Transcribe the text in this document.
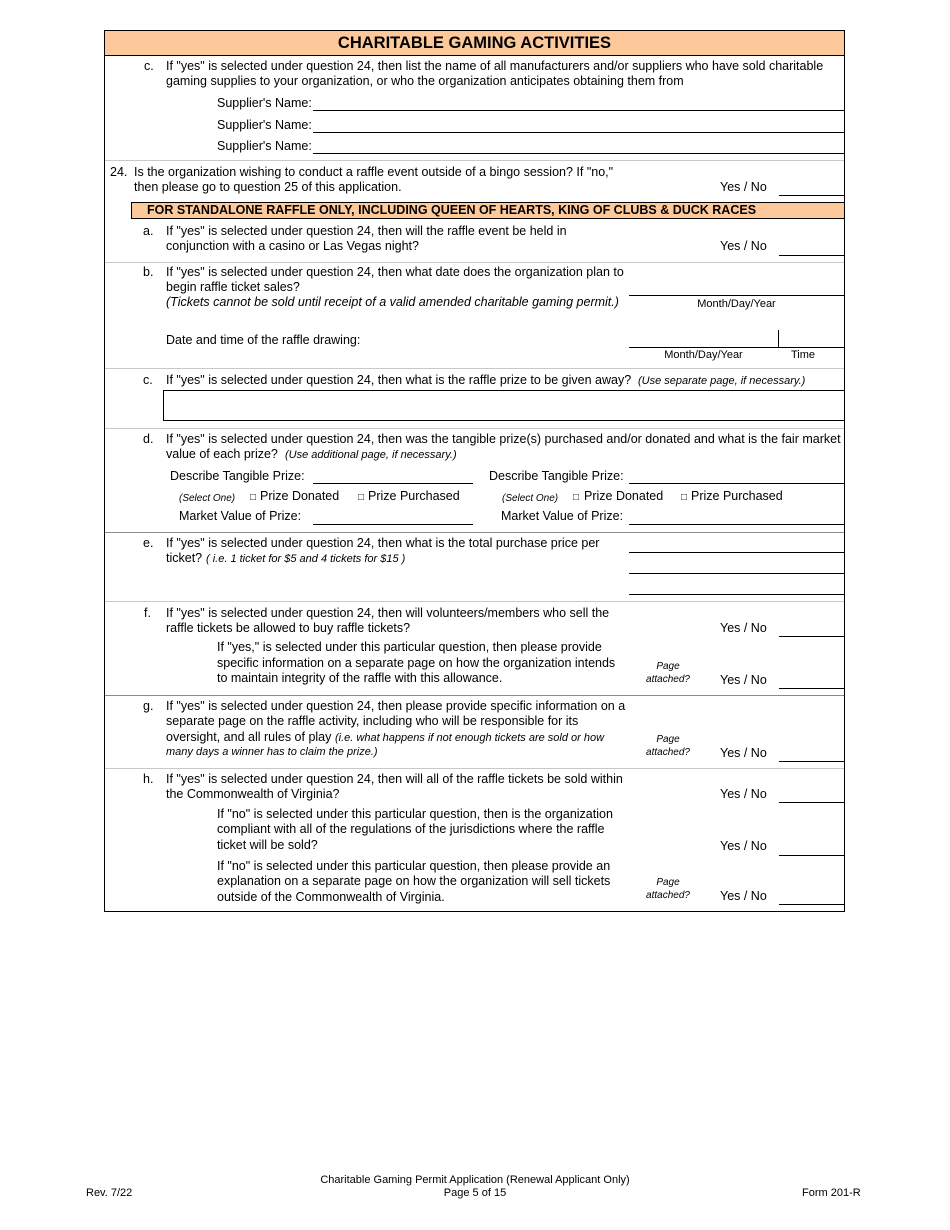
CHARITABLE GAMING ACTIVITIES
c. If "yes" is selected under question 24, then list the name of all manufacturers and/or suppliers who have sold charitable
gaming supplies to your organization, or who the organization anticipates obtaining them from
Supplier's Name:
Supplier's Name:
Supplier's Name:
24. Is the organization wishing to conduct a raffle event outside of a bingo session? If "no,"
then please go to question 25 of this application.	Yes / No
FOR STANDALONE RAFFLE ONLY, INCLUDING QUEEN OF HEARTS, KING OF CLUBS & DUCK RACES
a. If "yes" is selected under question 24, then will the raffle event be held in
conjunction with a casino or Las Vegas night?	Yes / No
b. If "yes" is selected under question 24, then what date does the organization plan to
begin raffle ticket sales?
(Tickets cannot be sold until receipt of a valid amended charitable gaming permit.)	Month/Day/Year
Date and time of the raffle drawing:
Month/Day/Year	Time
c. If "yes" is selected under question 24, then what is the raffle prize to be given away? (Use separate page, if necessary.)
d. If "yes" is selected under question 24, then was the tangible prize(s) purchased and/or donated and what is the fair market
value of each prize? (Use additional page, if necessary.)
Describe Tangible Prize:	Describe Tangible Prize:
(Select One) □ Prize Donated □ Prize Purchased	(Select One) □ Prize Donated □ Prize Purchased
Market Value of Prize:	Market Value of Prize:
e. If "yes" is selected under question 24, then what is the total purchase price per
ticket? ( i.e. 1 ticket for $5 and 4 tickets for $15 )
f. If "yes" is selected under question 24, then will volunteers/members who sell the
raffle tickets be allowed to buy raffle tickets?	Yes / No
If "yes," is selected under this particular question, then please provide
specific information on a separate page on how the organization intends
to maintain integrity of the raffle with this allowance.
Page
attached?	Yes / No
g. If "yes" is selected under question 24, then please provide specific information on a
separate page on the raffle activity, including who will be responsible for its
oversight, and all rules of play (i.e. what happens if not enough tickets are sold or how
many days a winner has to claim the prize.)
Page
attached?	Yes / No
h. If "yes" is selected under question 24, then will all of the raffle tickets be sold within
the Commonwealth of Virginia?	Yes / No
If "no" is selected under this particular question, then is the organization
compliant with all of the regulations of the jurisdictions where the raffle
ticket will be sold?	Yes / No
If "no" is selected under this particular question, then please provide an
explanation on a separate page on how the organization will sell tickets
outside of the Commonwealth of Virginia.
Page
attached?	Yes / No
Rev. 7/22
Charitable Gaming Permit Application (Renewal Applicant Only)
Page 5 of 15	Form 201-R
